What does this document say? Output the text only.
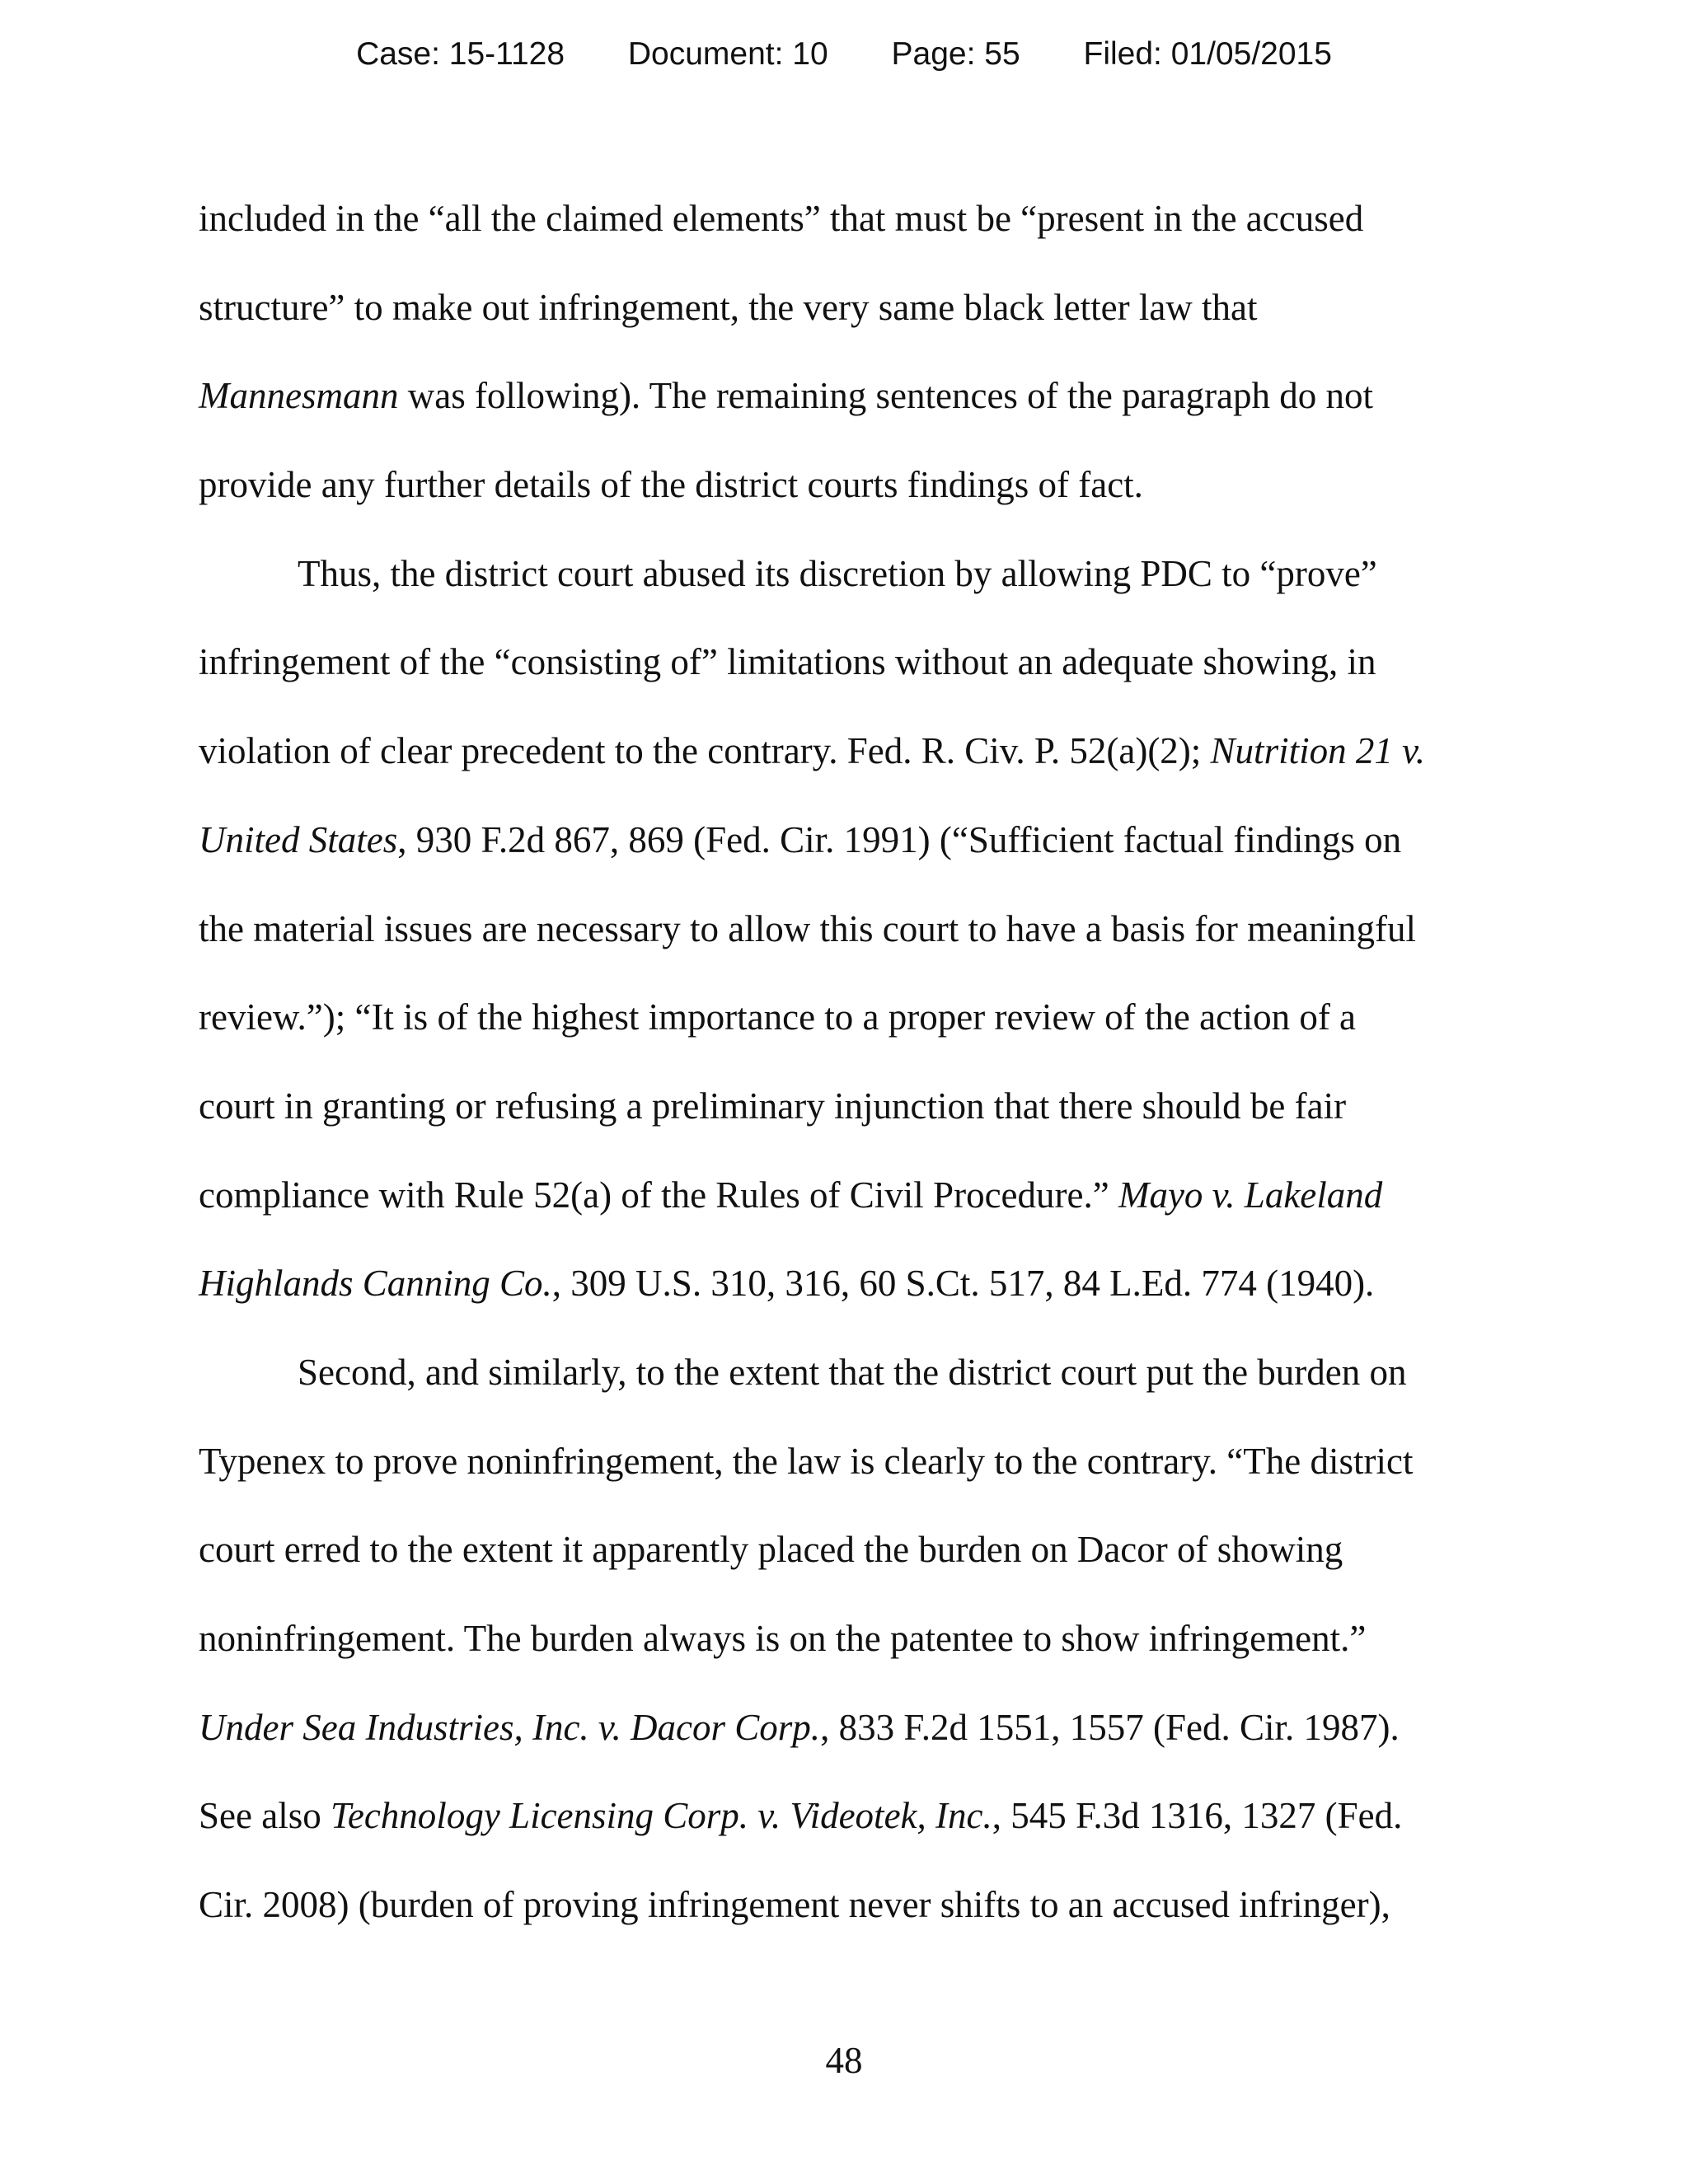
Case: 15-1128 Document: 10 Page: 55 Filed: 01/05/2015
included in the “all the claimed elements” that must be “present in the accused
structure” to make out infringement, the very same black letter law that
Mannesmann was following). The remaining sentences of the paragraph do not
provide any further details of the district courts findings of fact.
Thus, the district court abused its discretion by allowing PDC to “prove”
infringement of the “consisting of” limitations without an adequate showing, in
violation of clear precedent to the contrary. Fed. R. Civ. P. 52(a)(2); Nutrition 21 v.
United States, 930 F.2d 867, 869 (Fed. Cir. 1991) (“Sufficient factual findings on
the material issues are necessary to allow this court to have a basis for meaningful
review.”); “It is of the highest importance to a proper review of the action of a
court in granting or refusing a preliminary injunction that there should be fair
compliance with Rule 52(a) of the Rules of Civil Procedure.” Mayo v. Lakeland
Highlands Canning Co., 309 U.S. 310, 316, 60 S.Ct. 517, 84 L.Ed. 774 (1940).
Second, and similarly, to the extent that the district court put the burden on
Typenex to prove noninfringement, the law is clearly to the contrary. “The district
court erred to the extent it apparently placed the burden on Dacor of showing
noninfringement. The burden always is on the patentee to show infringement.”
Under Sea Industries, Inc. v. Dacor Corp., 833 F.2d 1551, 1557 (Fed. Cir. 1987).
See also Technology Licensing Corp. v. Videotek, Inc., 545 F.3d 1316, 1327 (Fed.
Cir. 2008) (burden of proving infringement never shifts to an accused infringer),
48
